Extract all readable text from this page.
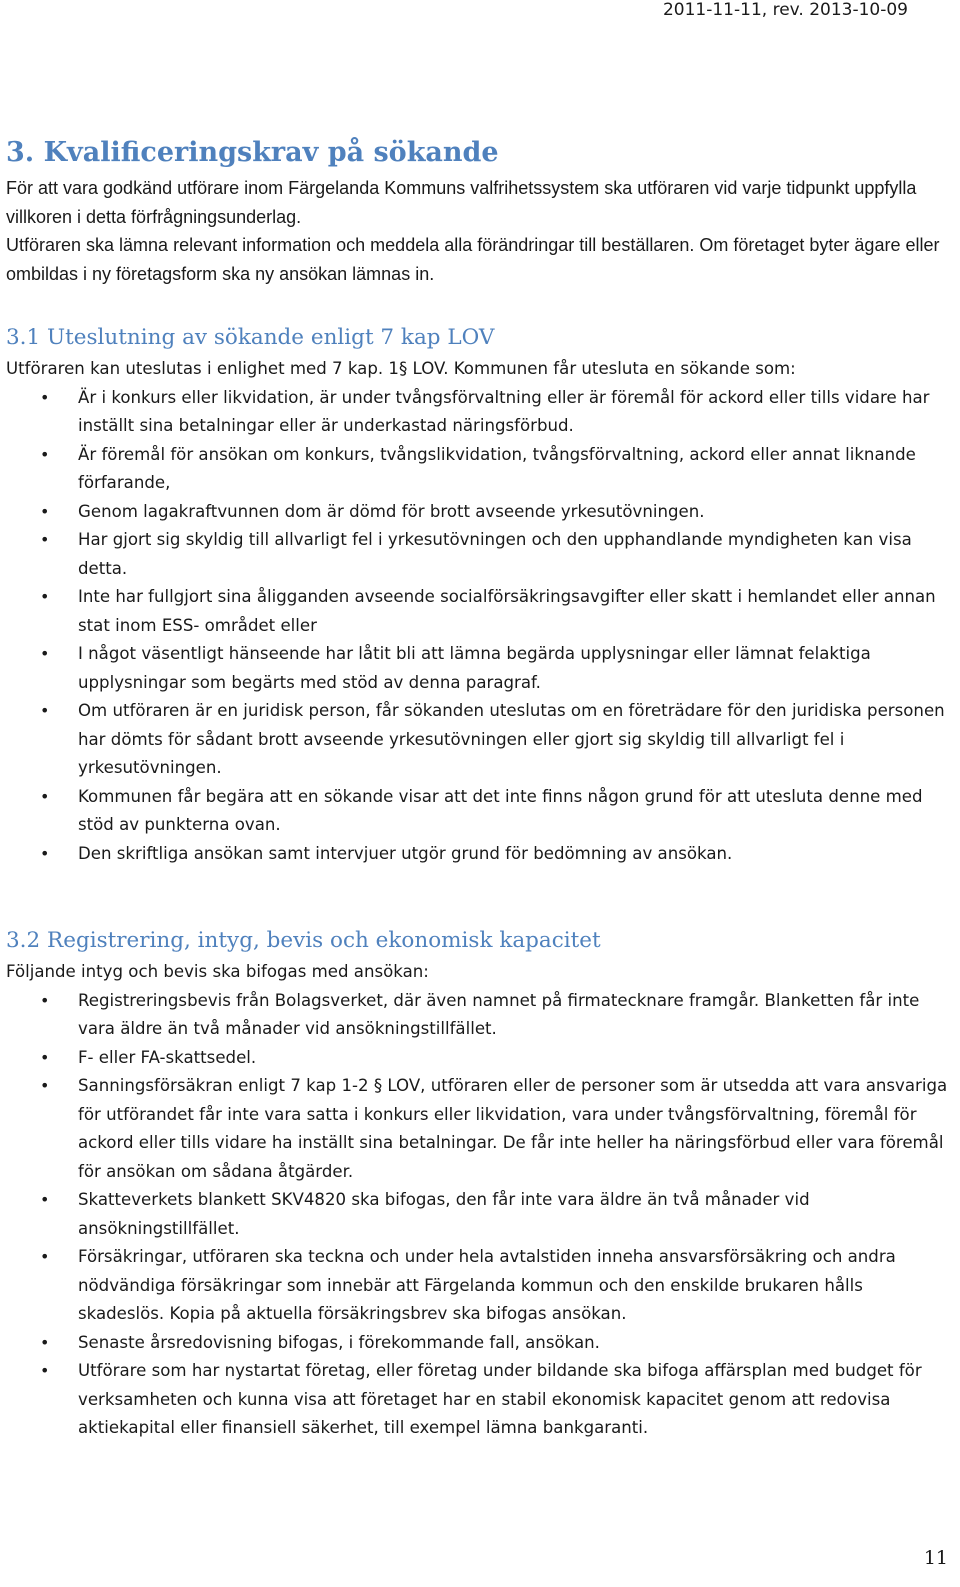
2011-11-11, rev. 2013-10-09
3. Kvalificeringskrav på sökande

För att vara godkänd utförare inom Färgelanda Kommuns valfrihetssystem ska utföraren vid varje tidpunkt uppfylla villkoren i detta förfrågningsunderlag.

Utföraren ska lämna relevant information och meddela alla förändringar till beställaren. Om företaget byter ägare eller ombildas i ny företagsform ska ny ansökan lämnas in.

3.1 Uteslutning av sökande enligt 7 kap LOV

Utföraren kan uteslutas i enlighet med 7 kap. 1§ LOV. Kommunen får utesluta en sökande som:

• Är i konkurs eller likvidation, är under tvångsförvaltning eller är föremål för ackord eller tills vidare har inställt sina betalningar eller är underkastad näringsförbud.
• Är föremål för ansökan om konkurs, tvångslikvidation, tvångsförvaltning, ackord eller annat liknande förfarande,
• Genom lagakraftvunnen dom är dömd för brott avseende yrkesutövningen.
• Har gjort sig skyldig till allvarligt fel i yrkesutövningen och den upphandlande myndigheten kan visa detta.
• Inte har fullgjort sina åligganden avseende socialförsäkringsavgifter eller skatt i hemlandet eller annan stat inom ESS- området eller
• I något väsentligt hänseende har låtit bli att lämna begärda upplysningar eller lämnat felaktiga upplysningar som begärts med stöd av denna paragraf.
• Om utföraren är en juridisk person, får sökanden uteslutas om en företrädare för den juridiska personen har dömts för sådant brott avseende yrkesutövningen eller gjort sig skyldig till allvarligt fel i yrkesutövningen.
• Kommunen får begära att en sökande visar att det inte finns någon grund för att utesluta denne med stöd av punkterna ovan.
• Den skriftliga ansökan samt intervjuer utgör grund för bedömning av ansökan.
3.2 Registrering, intyg, bevis och ekonomisk kapacitet

Följande intyg och bevis ska bifogas med ansökan:

• Registreringsbevis från Bolagsverket, där även namnet på firmatecknare framgår. Blanketten får inte vara äldre än två månader vid ansökningstillfället.
• F- eller FA-skattsedel.
• Sanningsförsäkran enligt 7 kap 1-2 § LOV, utföraren eller de personer som är utsedda att vara ansvariga för utförandet får inte vara satta i konkurs eller likvidation, vara under tvångsförvaltning, föremål för ackord eller tills vidare ha inställt sina betalningar. De får inte heller ha näringsförbud eller vara föremål för ansökan om sådana åtgärder.
• Skatteverkets blankett SKV4820 ska bifogas, den får inte vara äldre än två månader vid ansökningstillfället.
• Försäkringar, utföraren ska teckna och under hela avtalstiden inneha ansvarsförsäkring och andra nödvändiga försäkringar som innebär att Färgelanda kommun och den enskilde brukaren hålls skadeslös. Kopia på aktuella försäkringsbrev ska bifogas ansökan.
• Senaste årsredovisning bifogas, i förekommande fall, ansökan.
• Utförare som har nystartat företag, eller företag under bildande ska bifoga affärsplan med budget för verksamheten och kunna visa att företaget har en stabil ekonomisk kapacitet genom att redovisa aktiekapital eller finansiell säkerhet, till exempel lämna bankgaranti.
11
